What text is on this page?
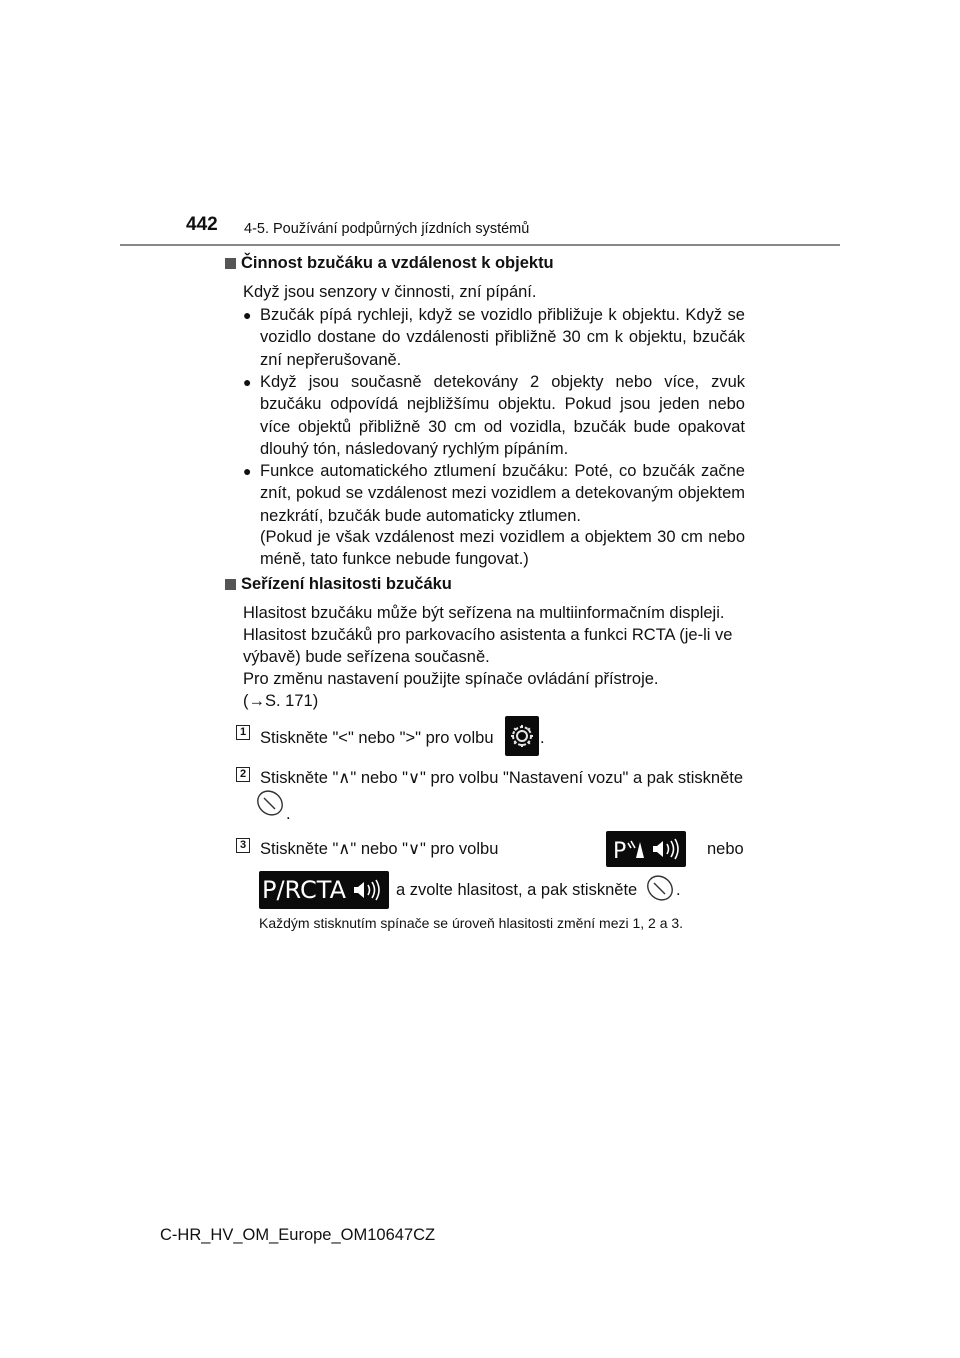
442 4-5. Používání podpůrných jízdních systémů
Činnost bzučáku a vzdálenost k objektu

Když jsou senzory v činnosti, zní pípání.

● Bzučák pípá rychleji, když se vozidlo přibližuje k objektu. Když se vozidlo dostane do vzdálenosti přibližně 30 cm k objektu, bzučák zní nepřerušovaně.
● Když jsou současně detekovány 2 objekty nebo více, zvuk bzučáku odpovídá nejbližšímu objektu. Pokud jsou jeden nebo více objektů přibližně 30 cm od vozidla, bzučák bude opakovat dlouhý tón, následovaný rychlým pípáním.
● Funkce automatického ztlumení bzučáku: Poté, co bzučák začne znít, pokud se vzdálenost mezi vozidlem a detekovaným objektem nezkrátí, bzučák bude automaticky ztlumen.
(Pokud je však vzdálenost mezi vozidlem a objektem 30 cm nebo méně, tato funkce nebude fungovat.)
Seřízení hlasitosti bzučáku
Hlasitost bzučáku může být seřízena na multiinformačním displeji.
Hlasitost bzučáků pro parkovacího asistenta a funkci RCTA (je-li ve výbavě) bude seřízena současně.
Pro změnu nastavení použijte spínače ovládání přístroje.
(→S. 171)
1 Stiskněte "<" nebo ">" pro volbu	.
2 Stiskněte "∧" nebo "∨" pro volbu "Nastavení vozu" a pak stiskněte
.
3 Stiskněte "∧" nebo "∨" pro volbu	P	nebo
P/RCTA	a zvolte hlasitost, a pak stiskněte .
Každým stisknutím spínače se úroveň hlasitosti změní mezi 1, 2 a 3.
C-HR_HV_OM_Europe_OM10647CZ
